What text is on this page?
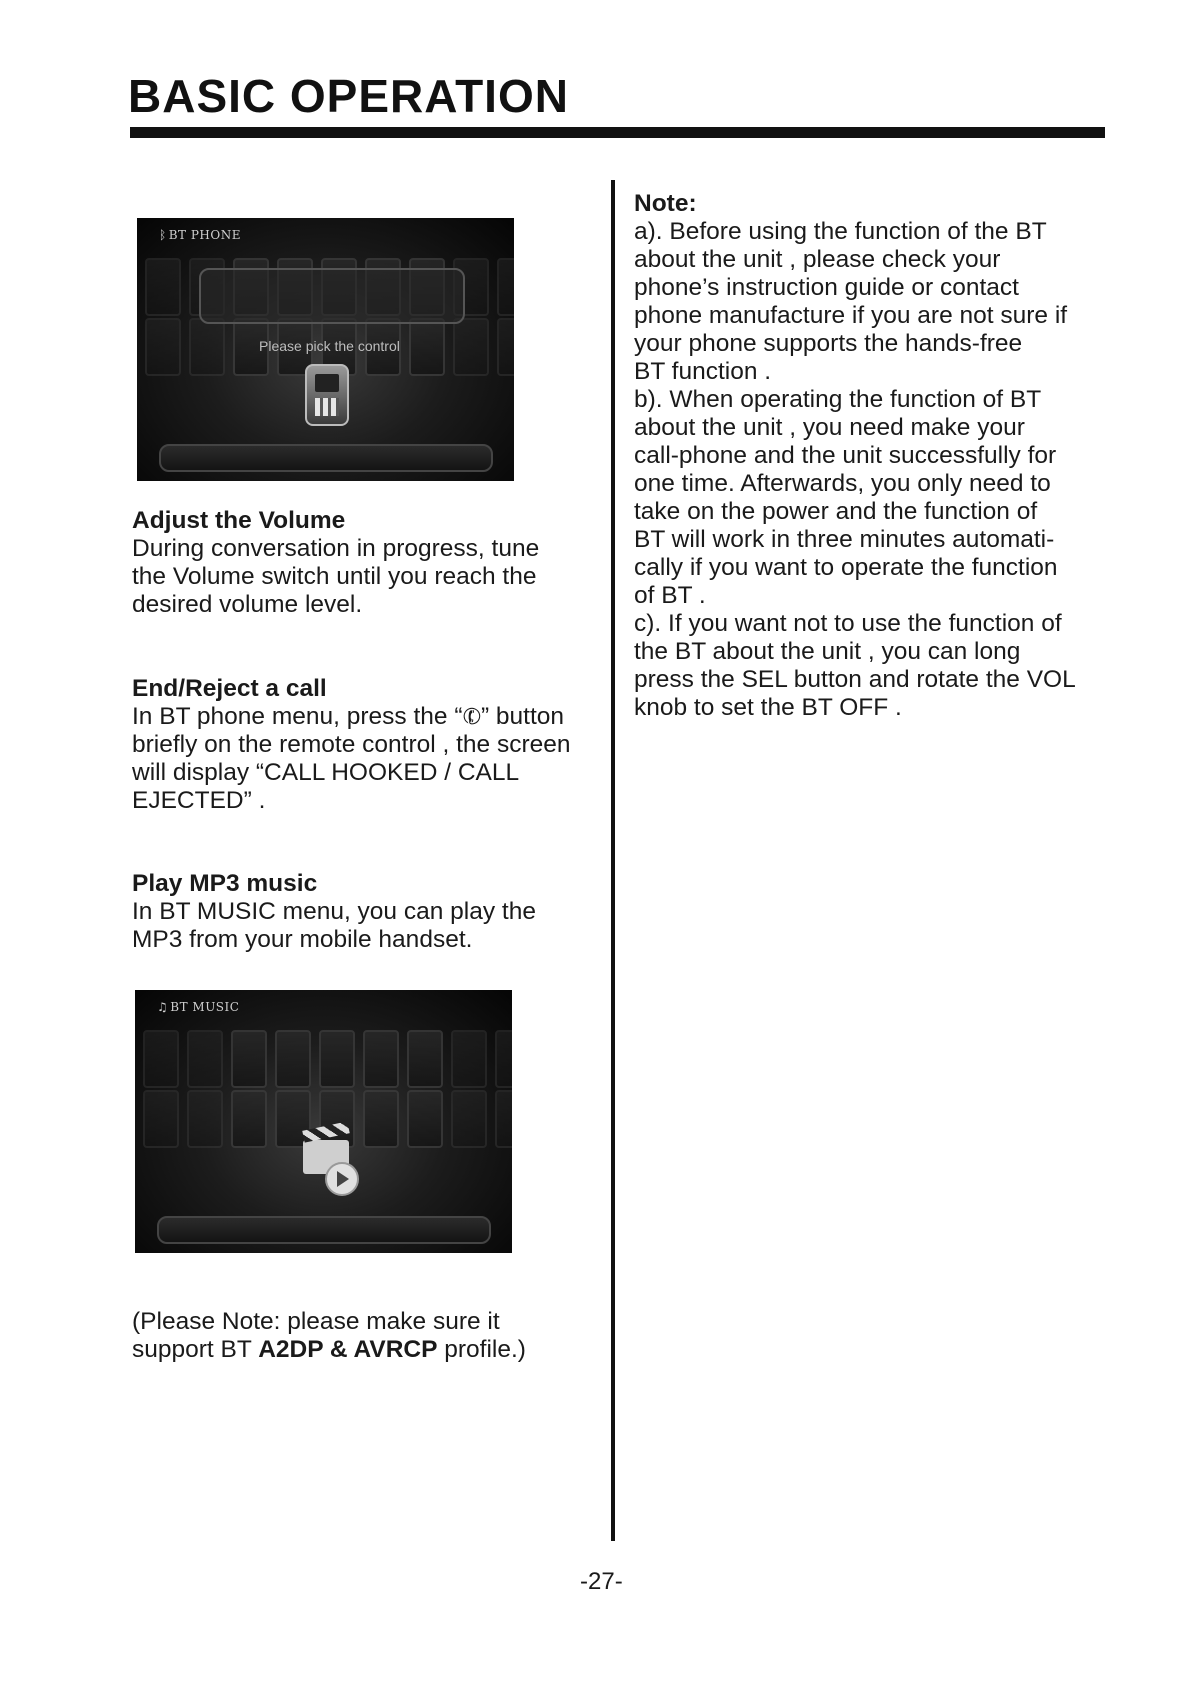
BASIC OPERATION
ᛒ BT PHONE
Please pick the control
Adjust the Volume

During conversation in progress, tune
the Volume switch until you reach the
desired volume level.

End/Reject a call

In BT phone menu, press the “✆” button
briefly on the remote control , the screen
will display “CALL HOOKED / CALL
EJECTED” .

Play MP3 music

In BT MUSIC menu, you can play the
MP3 from your mobile handset.

♫ BT MUSIC

(Please Note: please make sure it
support BT A2DP & AVRCP profile.)

Note:

a). Before using the function of the BT
about the unit , please check your
phone’s instruction guide or contact
phone manufacture if you are not sure if
your phone supports the hands-free
BT function .
b). When operating the function of BT
about the unit , you need make your
call-phone and the unit successfully for
one time. Afterwards, you only need to
take on the power and the function of
BT will work in three minutes automati-
cally if you want to operate the function
of BT .
c). If you want not to use the function of
the BT about the unit , you can long
press the SEL button and rotate the VOL
knob to set the BT OFF .

-27-
